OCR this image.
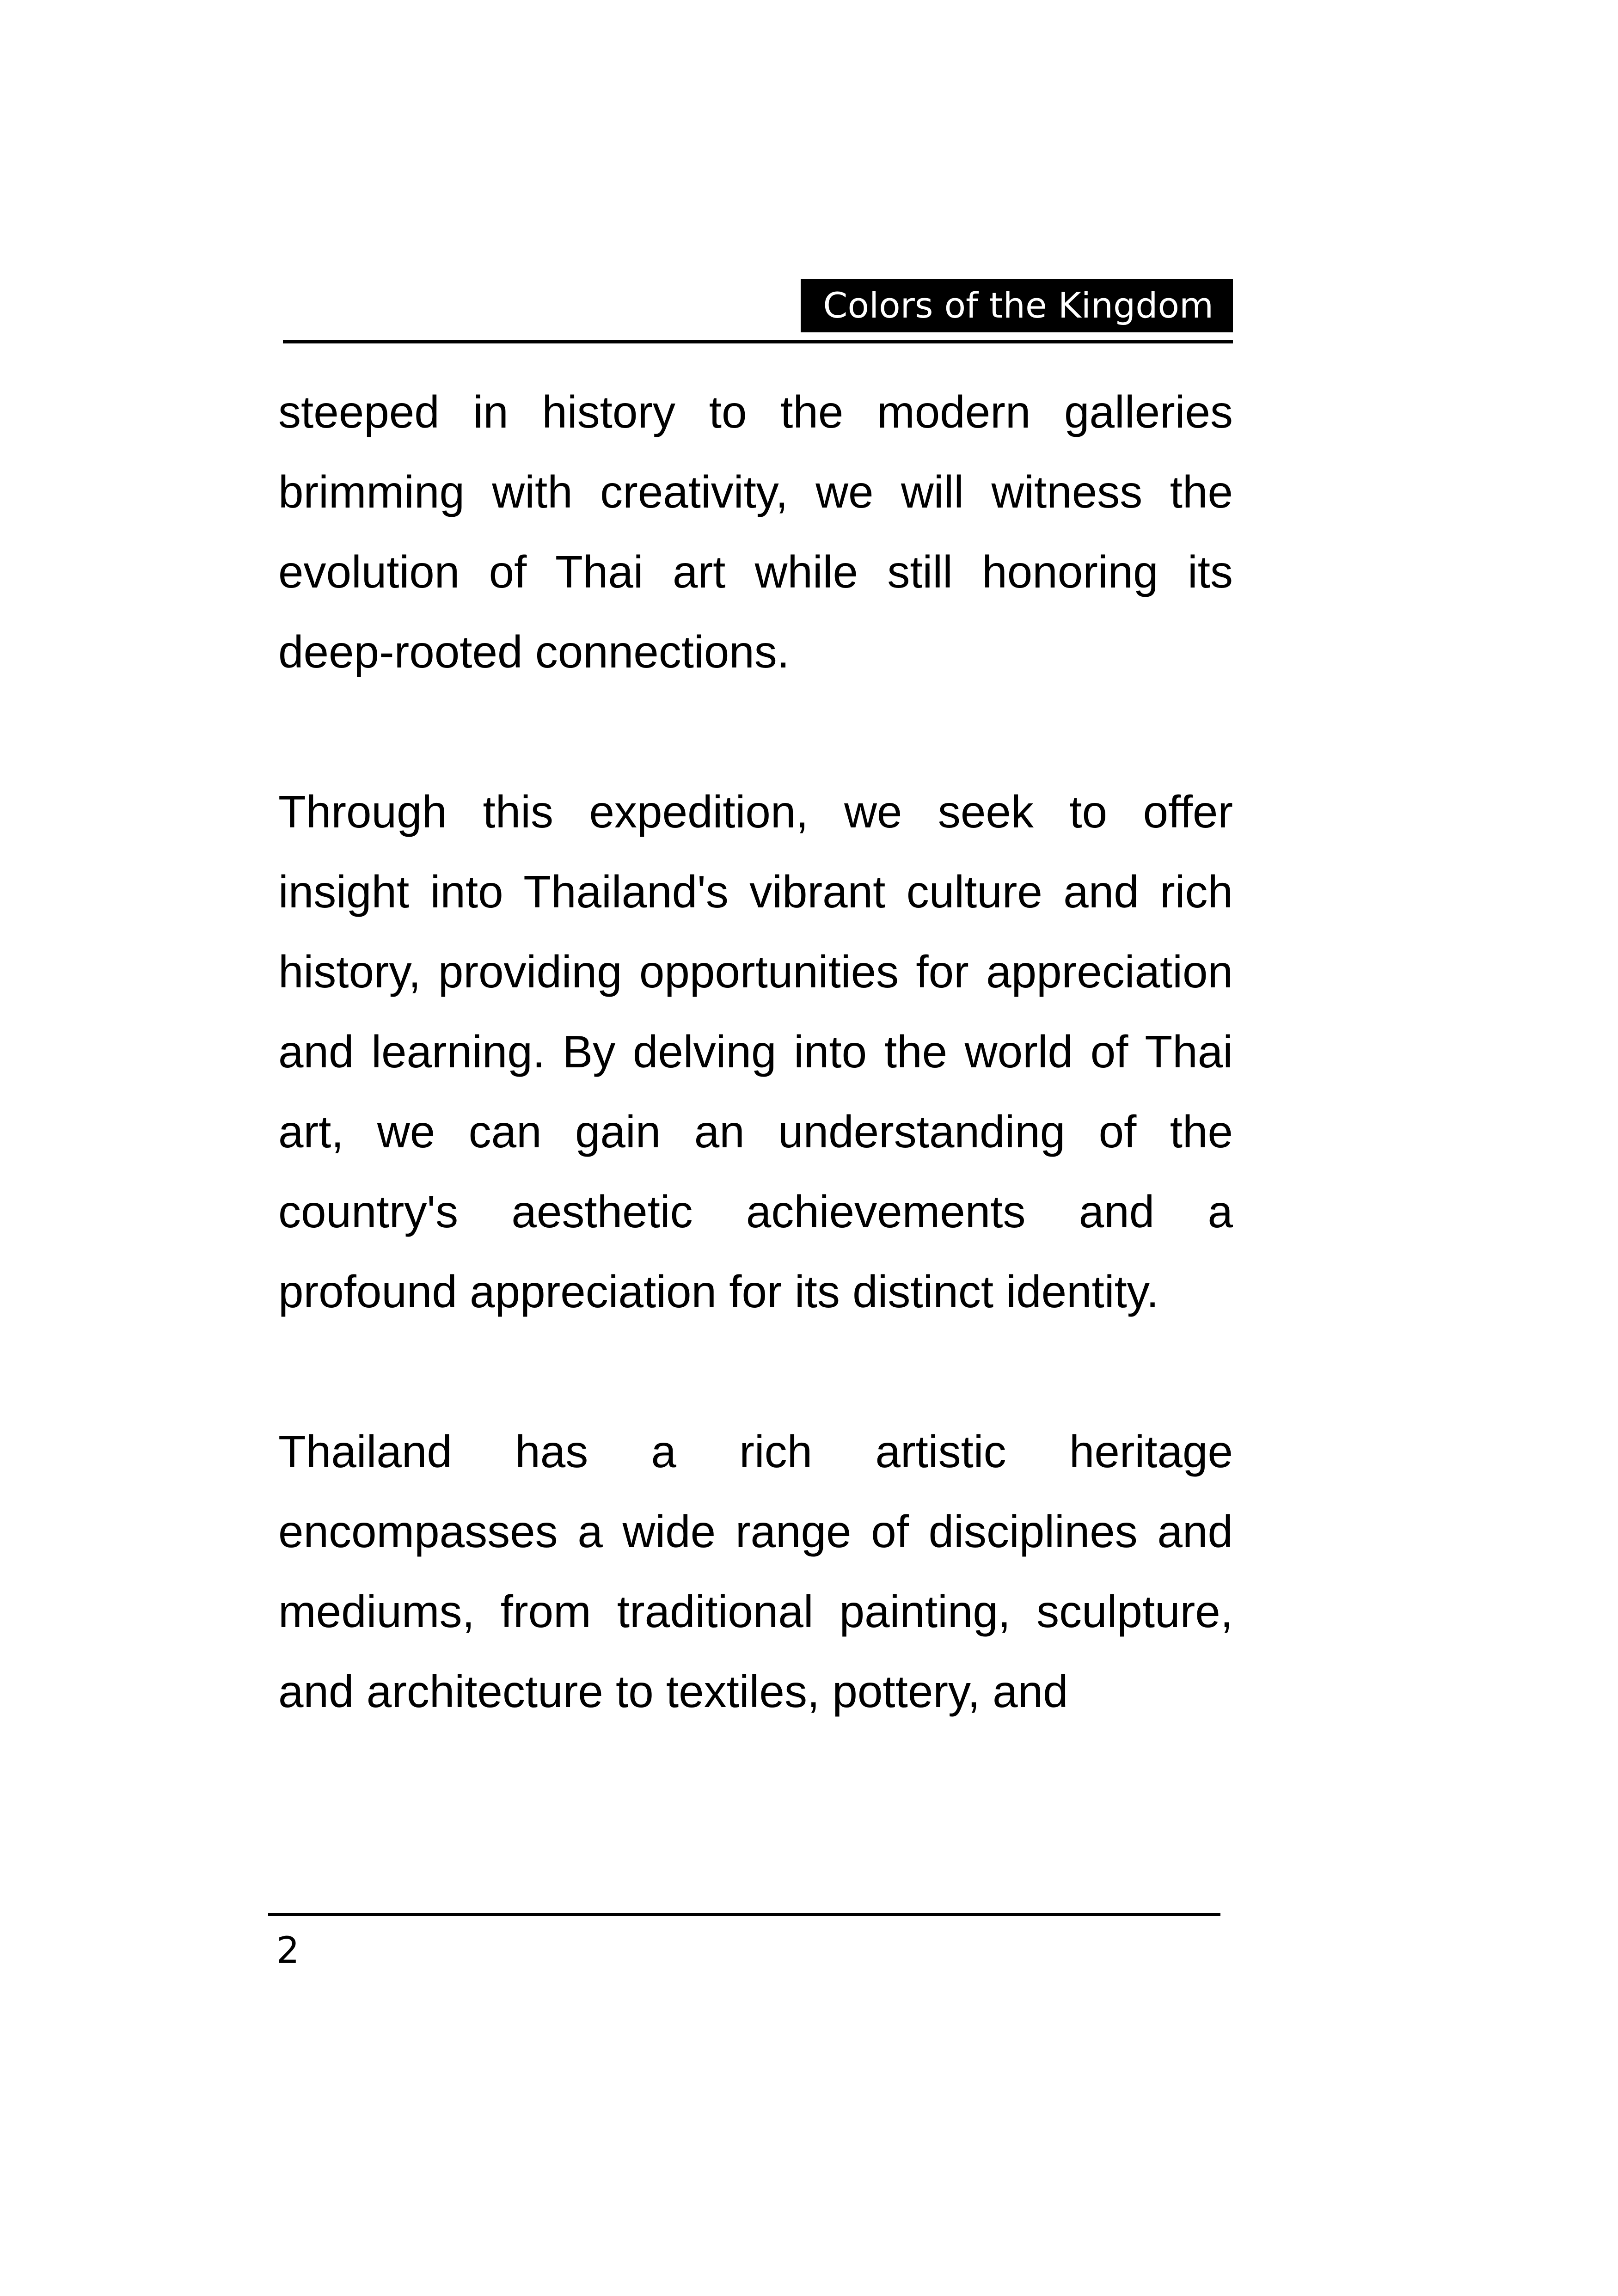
Colors of the Kingdom

steeped in history to the modern galleries brimming with creativity, we will witness the evolution of Thai art while still honoring its deep-rooted connections.

Through this expedition, we seek to offer insight into Thailand's vibrant culture and rich history, providing opportunities for appreciation and learning. By delving into the world of Thai art, we can gain an understanding of the country's aesthetic achievements and a profound appreciation for its distinct identity.

Thailand has a rich artistic heritage encompasses a wide range of disciplines and mediums, from traditional painting, sculpture, and architecture to textiles, pottery, and

2
